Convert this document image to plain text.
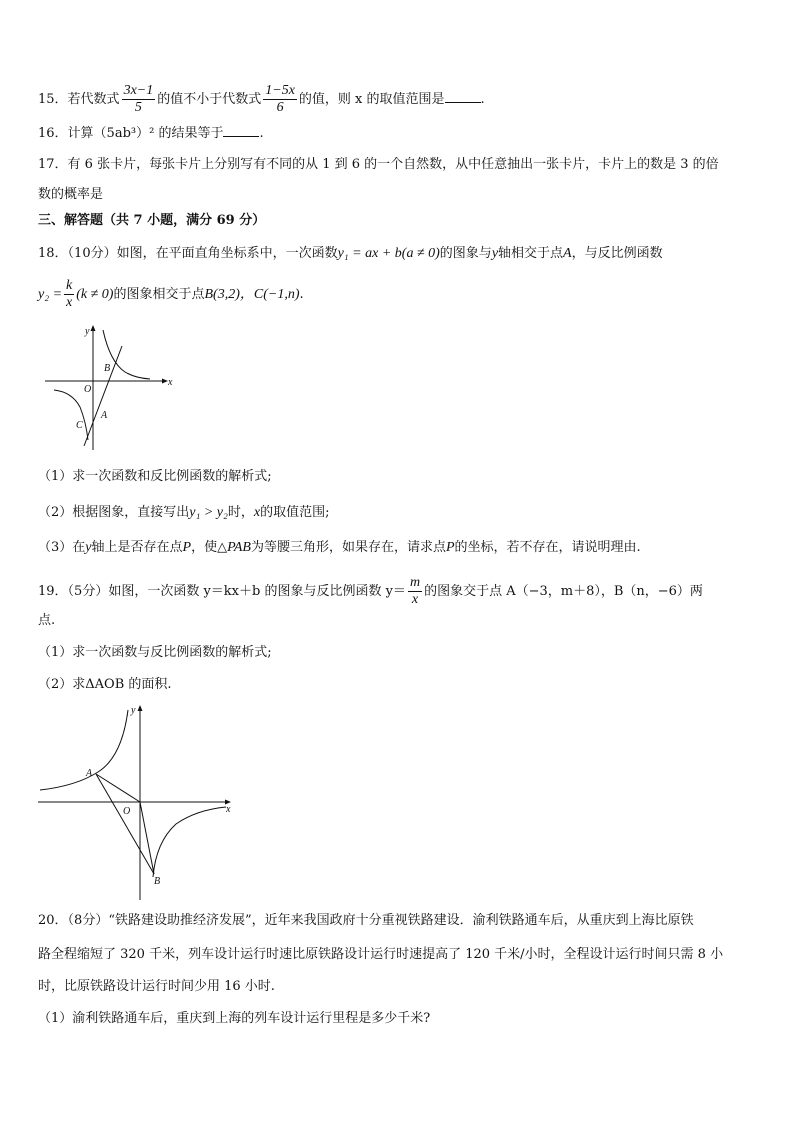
15．若代数式 $\frac{3x-1}{5}$ 的值不小于代数式 $\frac{1-5x}{6}$ 的值，则 x 的取值范围是	.
16．计算（5ab³）² 的结果等于	.
17．有 6 张卡片，每张卡片上分别写有不同的从 1 到 6 的一个自然数，从中任意抽出一张卡片，卡片上的数是 3 的倍
数的概率是
三、解答题（共 7 小题，满分 69 分）
18．（10分）如图，在平面直角坐标系中，一次函数y₁ = ax + b(a ≠ 0)的图象与y轴相交于点A，与反比例函数
$y_2 = \frac{k}{x} (k \ne 0)$的图象相交于点B(3,2)，C(−1,n).
x
y
O
A
B
C
（1）求一次函数和反比例函数的解析式;
（2）根据图象，直接写出y₁ > y₂时，x的取值范围;
（3）在y轴上是否存在点P，使△PAB为等腰三角形，如果存在，请求点P的坐标，若不存在，请说明理由.
19．（5分）如图，一次函数 y＝kx＋b 的图象与反比例函数 $y= \frac{m}{x}$ 的图象交于点 A（−3，m＋8），B（n，−6）两
点.
（1）求一次函数与反比例函数的解析式;
（2）求ΔAOB 的面积.
x
y
O
A
B
20．（8分）“铁路建设助推经济发展”，近年来我国政府十分重视铁路建设．渝利铁路通车后，从重庆到上海比原铁
路全程缩短了 320 千米，列车设计运行时速比原铁路设计运行时速提高了 120 千米/小时，全程设计运行时间只需 8 小
时，比原铁路设计运行时间少用 16 小时.
（1）渝利铁路通车后，重庆到上海的列车设计运行里程是多少千米?
